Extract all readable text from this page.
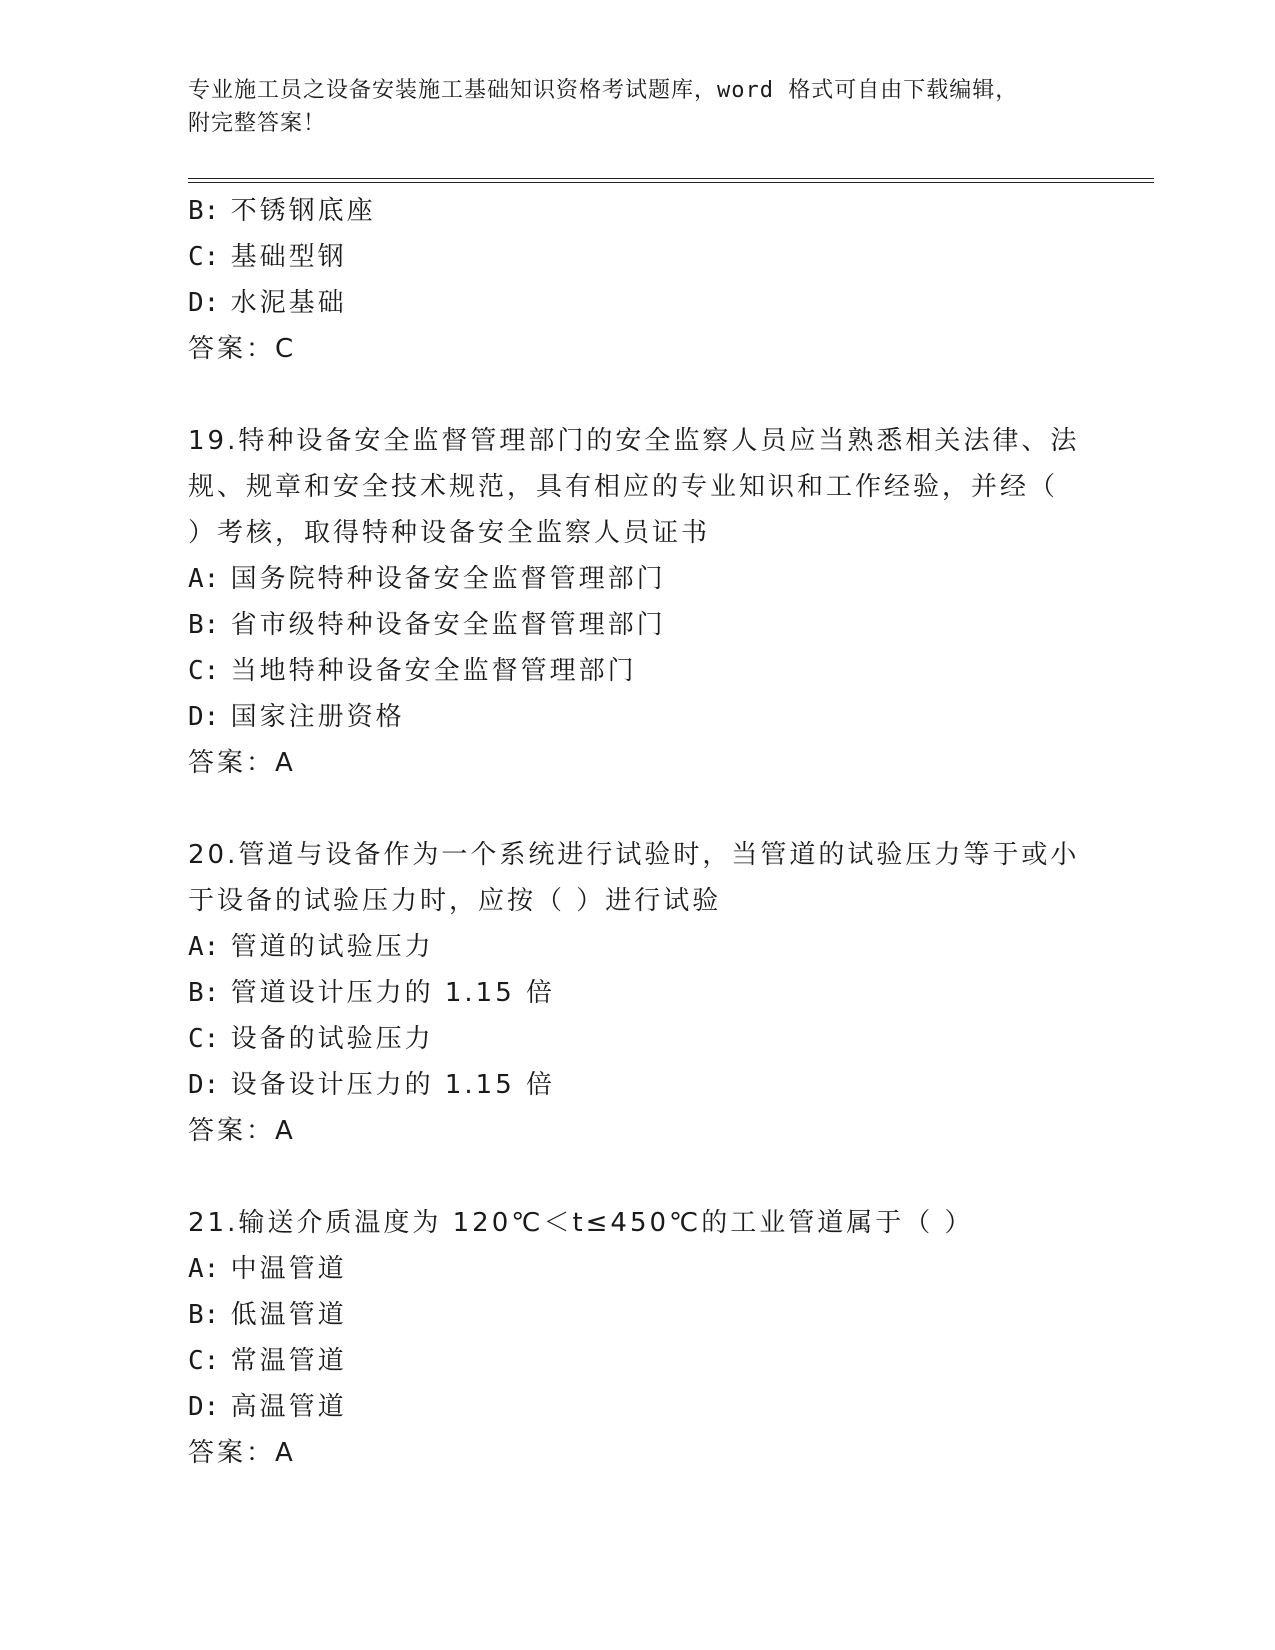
专业施工员之设备安装施工基础知识资格考试题库，word 格式可自由下载编辑，
附完整答案！
B: 不锈钢底座
C: 基础型钢
D: 水泥基础
答案：C
19.特种设备安全监督管理部门的安全监察人员应当熟悉相关法律、法
规、规章和安全技术规范，具有相应的专业知识和工作经验，并经（
）考核，取得特种设备安全监察人员证书
A: 国务院特种设备安全监督管理部门
B: 省市级特种设备安全监督管理部门
C: 当地特种设备安全监督管理部门
D: 国家注册资格
答案：A
20.管道与设备作为一个系统进行试验时，当管道的试验压力等于或小
于设备的试验压力时，应按（ ）进行试验
A: 管道的试验压力
B: 管道设计压力的 1.15 倍
C: 设备的试验压力
D: 设备设计压力的 1.15 倍
答案：A
21.输送介质温度为 120℃＜t≤450℃的工业管道属于（ ）
A: 中温管道
B: 低温管道
C: 常温管道
D: 高温管道
答案：A
